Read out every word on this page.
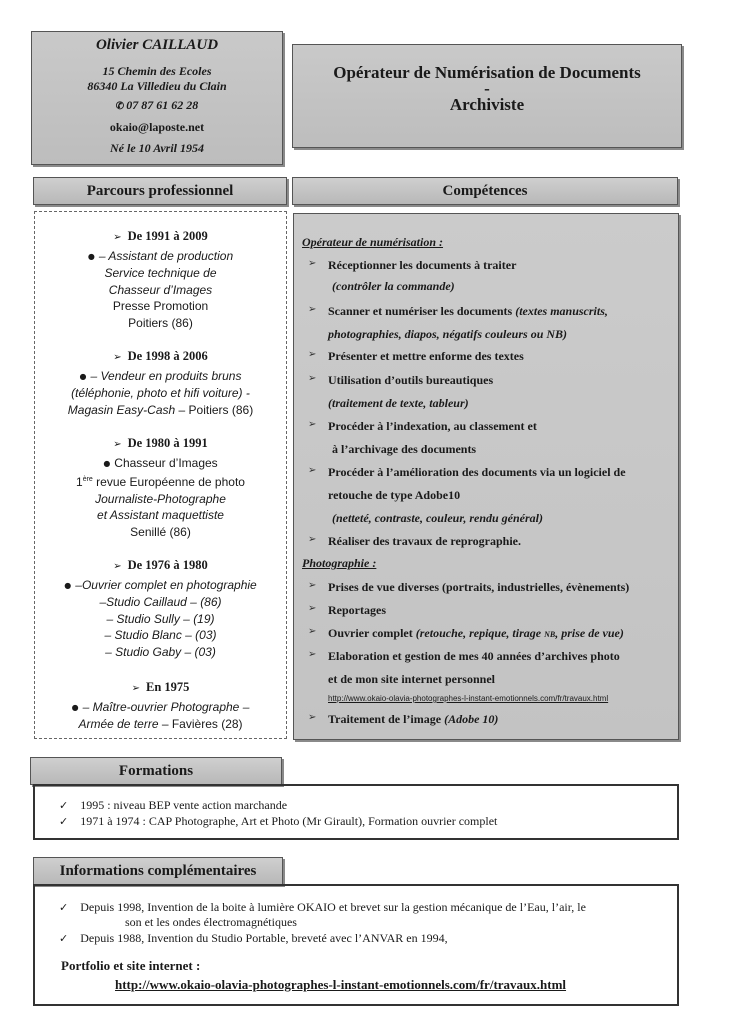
Olivier CAILLAUD
15 Chemin des Ecoles
86340 La Villedieu du Clain
✆ 07 87 61 62 28
okaio@laposte.net
Né le 10 Avril 1954
Opérateur de Numérisation de Documents
-
Archiviste
Parcours professionnel	Compétences
➢ De 1991 à 2009
● – Assistant de production
Service technique de
Chasseur d’Images
Presse Promotion
Poitiers (86)
➢ De 1998 à 2006
● – Vendeur en produits bruns
(téléphonie, photo et hifi voiture) -
Magasin Easy-Cash – Poitiers (86)
➢ De 1980 à 1991
● Chasseur d’Images
1ère revue Européenne de photo
Journaliste-Photographe
et Assistant maquettiste
Senillé (86)
➢ De 1976 à 1980
● –Ouvrier complet en photographie
–Studio Caillaud – (86)
– Studio Sully – (19)
– Studio Blanc – (03)
– Studio Gaby – (03)
➢ En 1975
● – Maître-ouvrier Photographe –
Armée de terre – Favières (28)
Opérateur de numérisation :
➢ Réceptionner les documents à traiter
(contrôler la commande)
➢ Scanner et numériser les documents (textes manuscrits,
photographies, diapos, négatifs couleurs ou NB)
➢ Présenter et mettre enforme des textes
➢ Utilisation d’outils bureautiques
(traitement de texte, tableur)
➢ Procéder à l’indexation, au classement et
à l’archivage des documents
➢ Procéder à l’amélioration des documents via un logiciel de
retouche de type Adobe10
(netteté, contraste, couleur, rendu général)
➢ Réaliser des travaux de reprographie.
Photographie :
➢ Prises de vue diverses (portraits, industrielles, évènements)
➢ Reportages
➢ Ouvrier complet (retouche, repique, tirage NB, prise de vue)
➢ Elaboration et gestion de mes 40 années d’archives photo
et de mon site internet personnel
http://www.okaio-olavia-photographes-l-instant-emotionnels.com/fr/travaux.html
➢ Traitement de l’image (Adobe 10)
Formations
✓ 1995 : niveau BEP vente action marchande
✓ 1971 à 1974 : CAP Photographe, Art et Photo (Mr Girault), Formation ouvrier complet
Informations complémentaires
✓ Depuis 1998, Invention de la boite à lumière OKAIO et brevet sur la gestion mécanique de l’Eau, l’air, le
son et les ondes électromagnétiques
✓ Depuis 1988, Invention du Studio Portable, breveté avec l’ANVAR en 1994,
Portfolio et site internet :
http://www.okaio-olavia-photographes-l-instant-emotionnels.com/fr/travaux.html
